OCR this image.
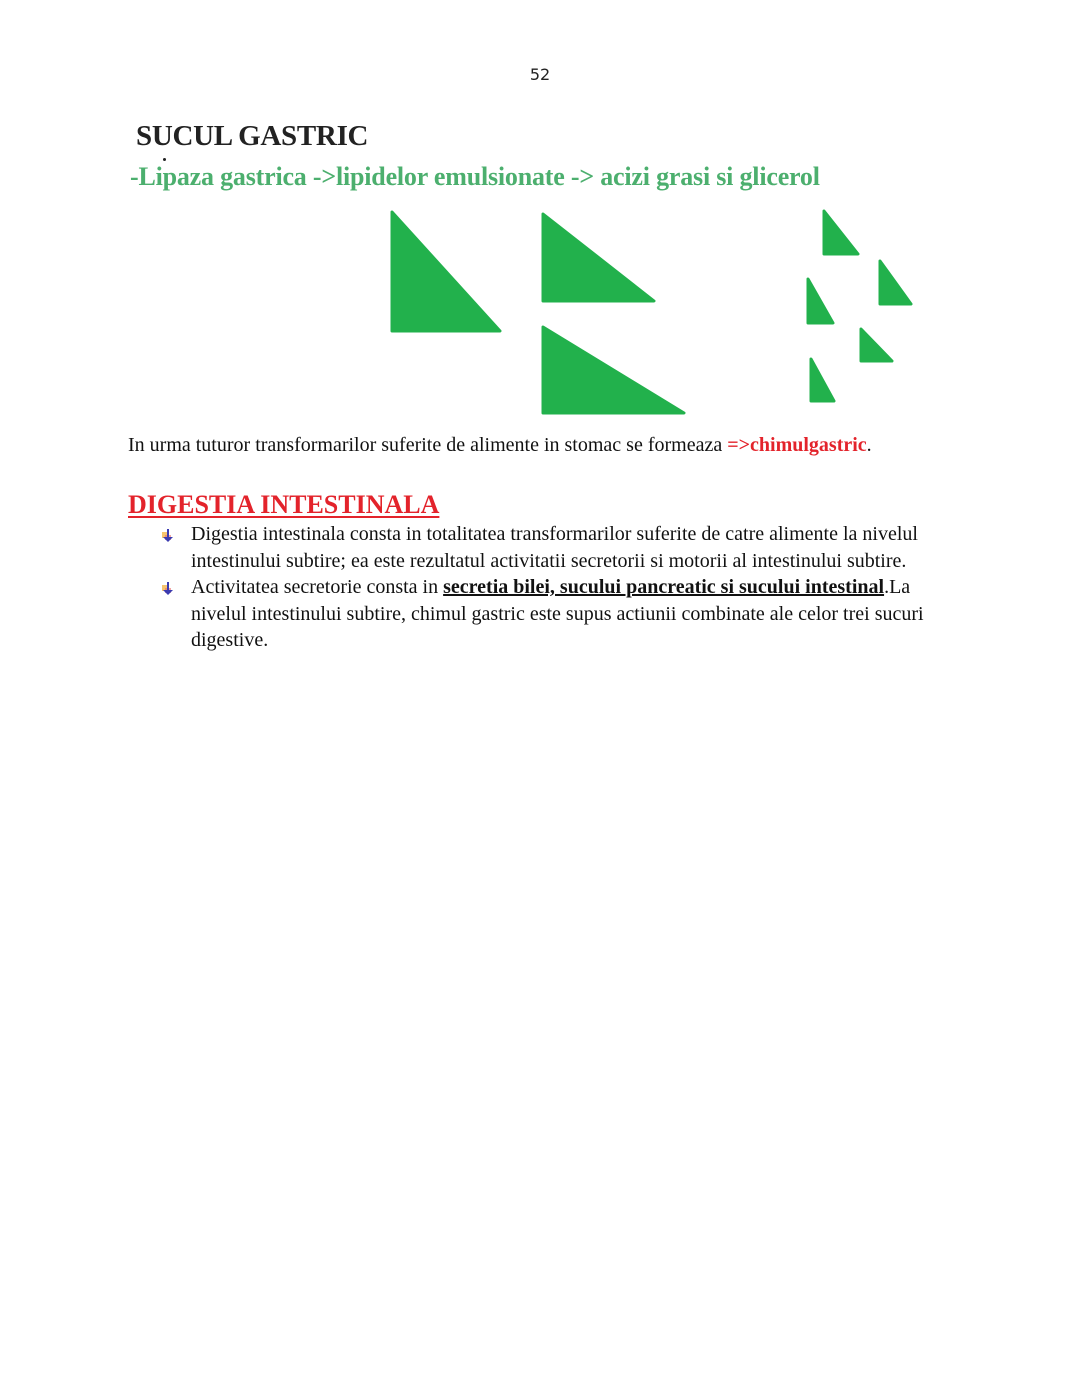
52
SUCUL GASTRIC
-Lipaza gastrica ->lipidelor emulsionate -> acizi grasi si glicerol
In urma tuturor transformarilor suferite de alimente in stomac se formeaza =>chimulgastric.
DIGESTIA INTESTINALA
Digestia intestinala consta in totalitatea transformarilor suferite de catre alimente la nivelul intestinului subtire; ea este rezultatul activitatii secretorii si motorii al intestinului subtire.
Activitatea secretorie consta in secretia bilei, sucului pancreatic si sucului intestinal.La nivelul intestinului subtire, chimul gastric este supus actiunii combinate ale celor trei sucuri digestive.
